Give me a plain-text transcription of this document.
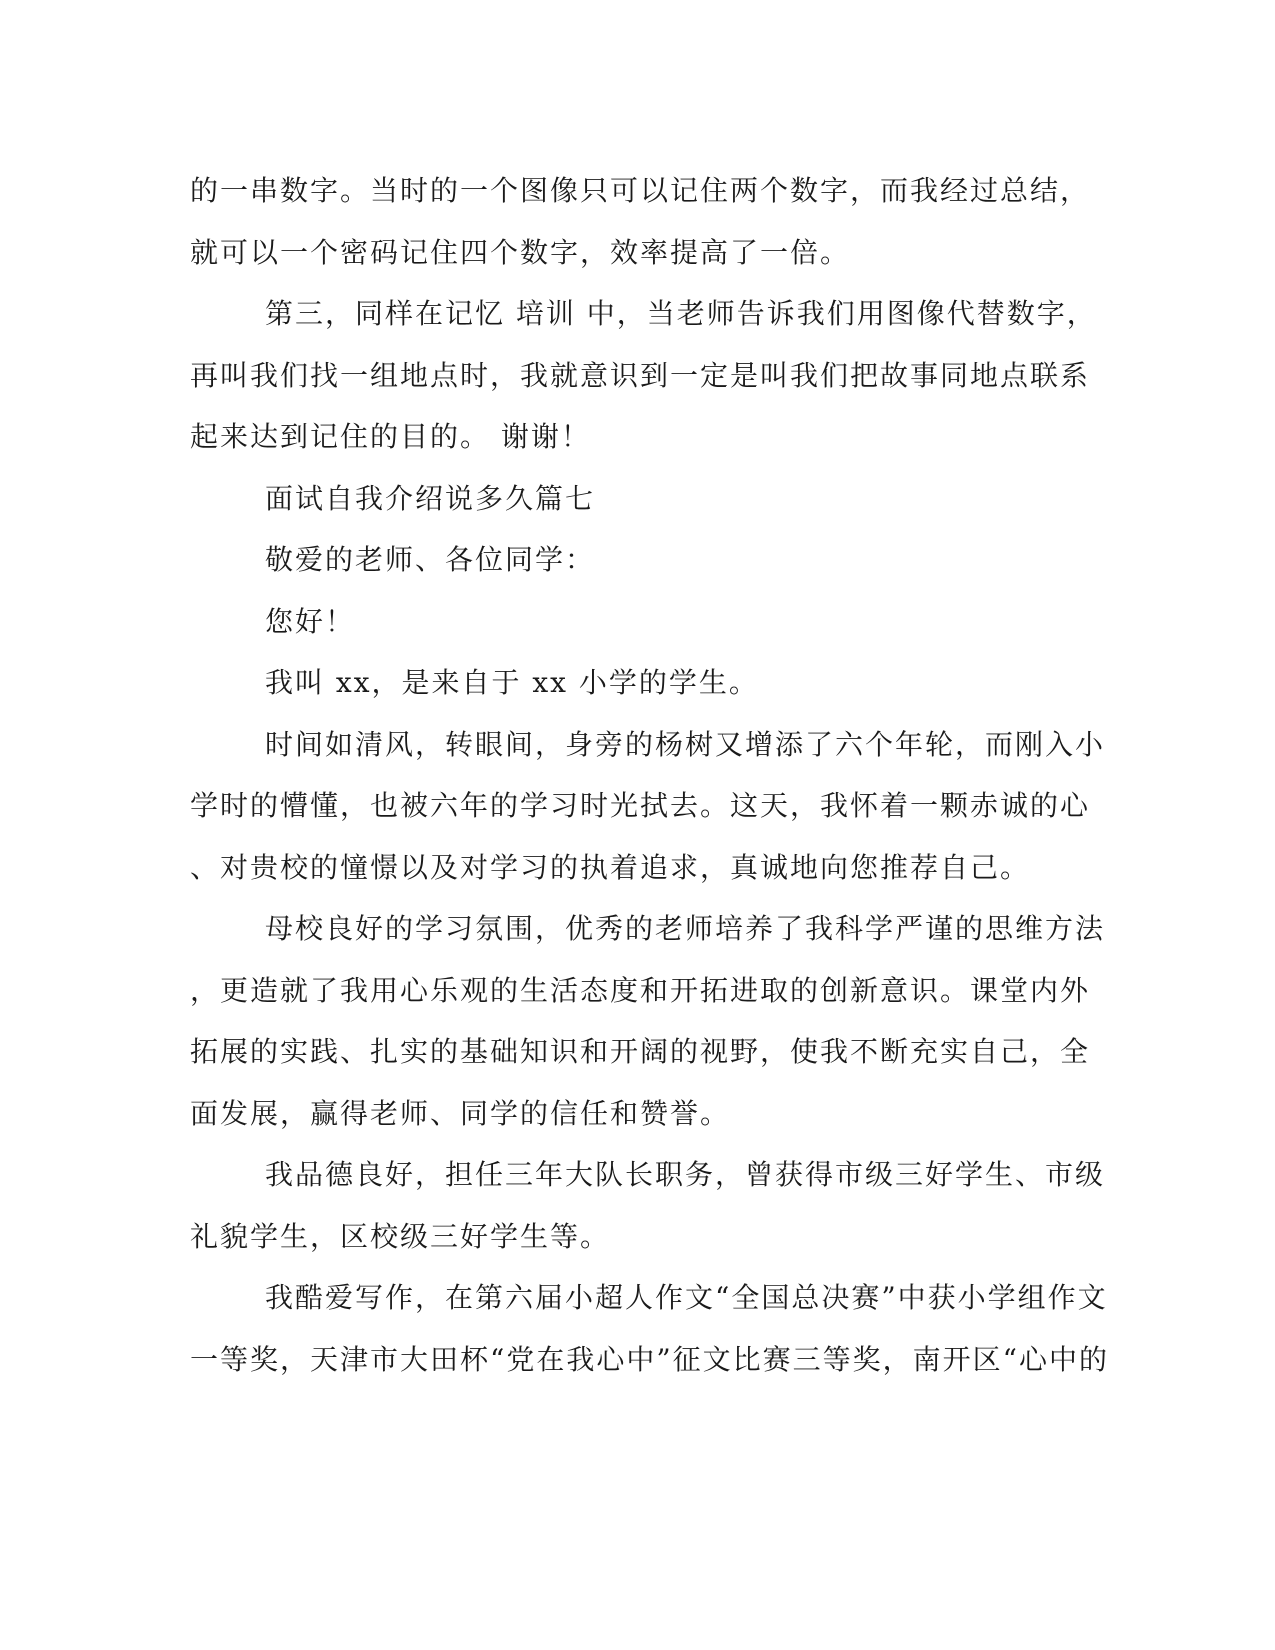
的一串数字。当时的一个图像只可以记住两个数字，而我经过总结，
就可以一个密码记住四个数字，效率提高了一倍。
第三，同样在记忆 培训 中，当老师告诉我们用图像代替数字，
再叫我们找一组地点时，我就意识到一定是叫我们把故事同地点联系
起来达到记住的目的。 谢谢！
面试自我介绍说多久篇七
敬爱的老师、各位同学：
您好！
我叫 xx，是来自于 xx 小学的学生。
时间如清风，转眼间，身旁的杨树又增添了六个年轮，而刚入小
学时的懵懂，也被六年的学习时光拭去。这天，我怀着一颗赤诚的心
、对贵校的憧憬以及对学习的执着追求，真诚地向您推荐自己。
母校良好的学习氛围，优秀的老师培养了我科学严谨的思维方法
，更造就了我用心乐观的生活态度和开拓进取的创新意识。课堂内外
拓展的实践、扎实的基础知识和开阔的视野，使我不断充实自己，全
面发展，赢得老师、同学的信任和赞誉。
我品德良好，担任三年大队长职务，曾获得市级三好学生、市级
礼貌学生，区校级三好学生等。
我酷爱写作，在第六届小超人作文“全国总决赛”中获小学组作文
一等奖，天津市大田杯“党在我心中”征文比赛三等奖，南开区“心中的
